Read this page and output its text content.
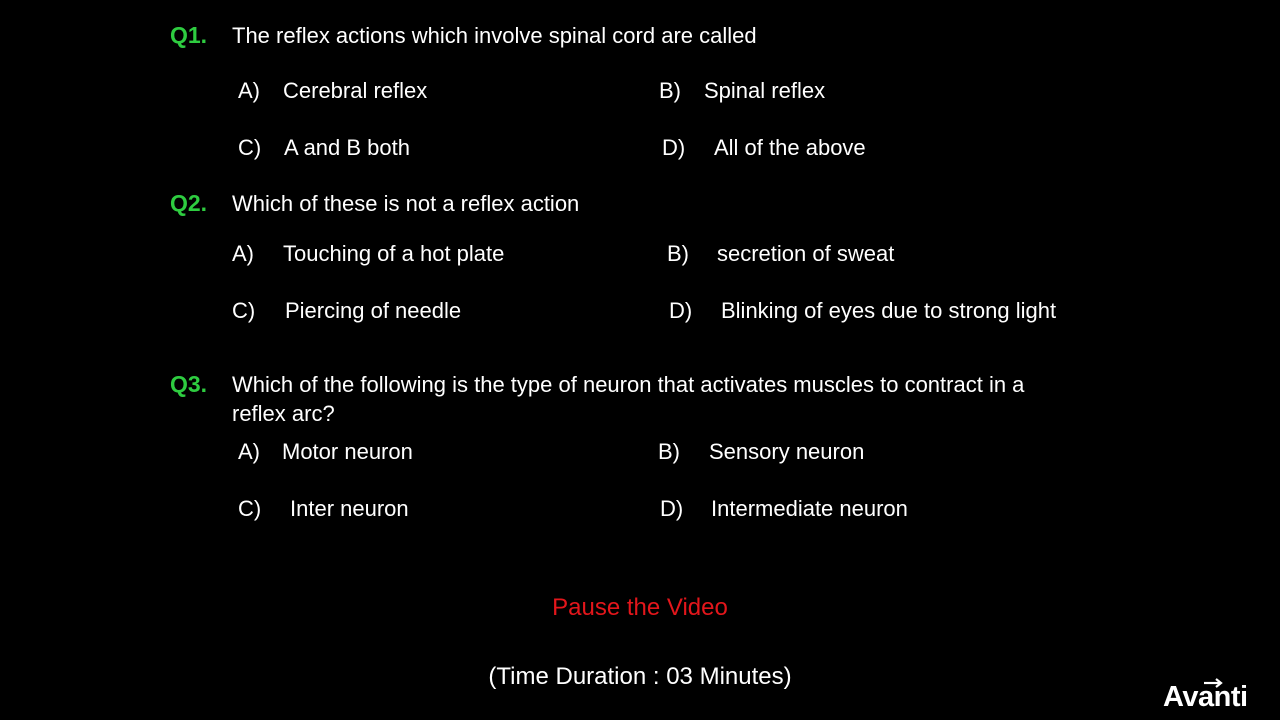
Q1. The reflex actions which involve spinal cord are called
A) Cerebral reflex	B) Spinal reflex
C) A and B both	D) All of the above
Q2. Which of these is not a reflex action
A) Touching of a hot plate	B) secretion of sweat
C) Piercing of needle	D) Blinking of eyes due to strong light
Q3. Which of the following is the type of neuron that activates muscles to contract in a
reflex arc?
A) Motor neuron	B) Sensory neuron
C) Inter neuron	D) Intermediate neuron
Pause the Video
(Time Duration : 03 Minutes)
Avanti
